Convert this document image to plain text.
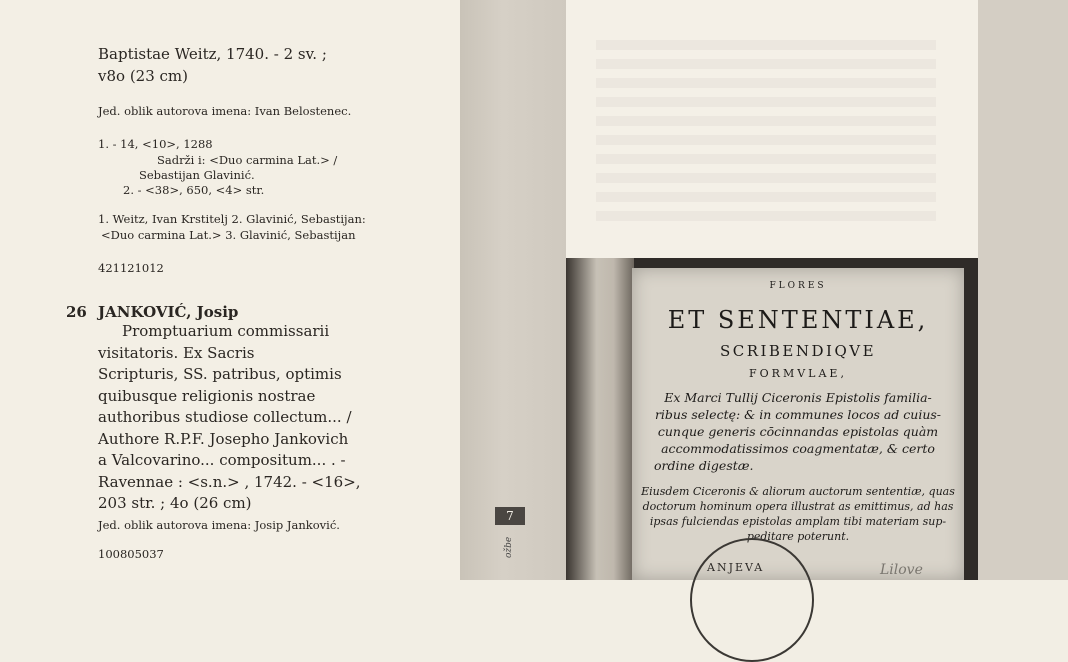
Baptistae Weitz, 1740. - 2 sv. ;
v8o (23 cm)
Jed. oblik autorova imena: Ivan Belostenec.
1. - 14, <10>, 1288
Sadrži i: <Duo carmina Lat.> /
Sebastijan Glavinić.
2. - <38>, 650, <4> str.
1. Weitz, Ivan Krstitelj 2. Glavinić, Sebastijan:
<Duo carmina Lat.> 3. Glavinić, Sebastijan
421121012
26 JANKOVIĆ, Josip
Promptuarium commissarii
visitatoris. Ex Sacris
Scripturis, SS. patribus, optimis
quibusque religionis nostrae
authoribus studiose collectum... /
Authore R.P.F. Josepho Jankovich
a Valcovarino... compositum... . -
Ravennae : <s.n.> , 1742. - <16>,
203 str. ; 4o (26 cm)
Jed. oblik autorova imena: Josip Janković.
100805037
7
ožbe
FLORES
ET SENTENTIAE,
SCRIBENDIQVE
FORMVLAE,
Ex Marci Tullij Ciceronis Epistolis familia-
ribus selectę: & in communes locos ad cuius-
cunque generis cōcinnandas epistolas quàm
accommodatissimos coagmentatæ, & certo
ordine digestæ.
Eiusdem Ciceronis & aliorum auctorum sententiæ, quas
doctorum hominum opera illustrat as emittimus, ad has
ipsas fulciendas epistolas amplam tibi materiam sup-
peditare poterunt.
ANJEVA	Lilove
